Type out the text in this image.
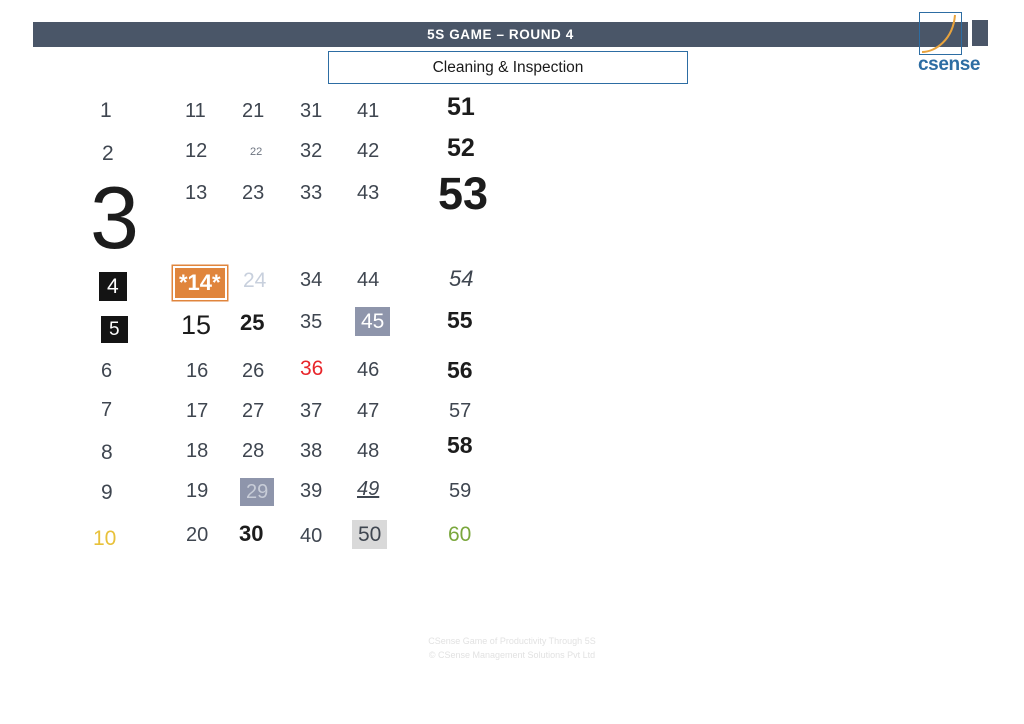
5S GAME – ROUND 4
csense
Cleaning & Inspection
1
2
3
4
5
6
7
8
9
10
11
12
13
*14*
15
16
17
18
19
20
21
22
23
24
25
26
27
28
29
30
31
32
33
34
35
36
37
38
39
40
41
42
43
44
45
46
47
48
49
50
51
52
53
54
55
56
57
58
59
60
CSense Game of Productivity Through 5S
© CSense Management Solutions Pvt Ltd
